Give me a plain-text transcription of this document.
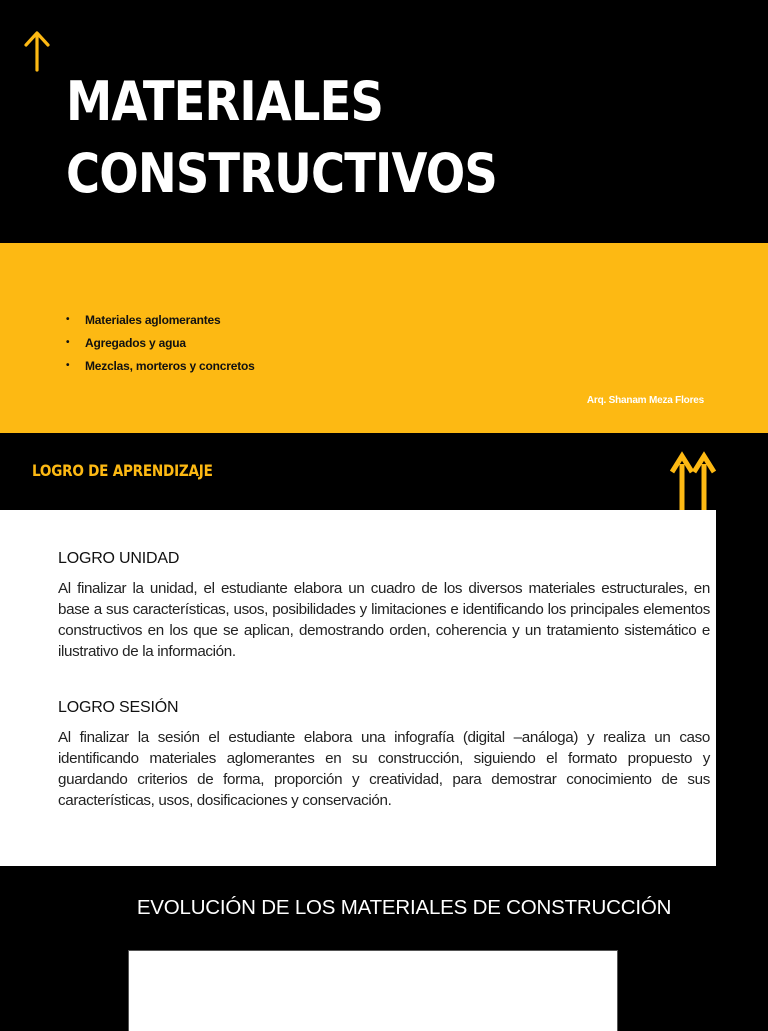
MATERIALES
CONSTRUCTIVOS
• Materiales aglomerantes
• Agregados y agua
• Mezclas, morteros y concretos
Arq. Shanam Meza Flores
LOGRO DE APRENDIZAJE
LOGRO UNIDAD
Al finalizar la unidad, el estudiante elabora un cuadro de los diversos materiales estructurales, en base a sus características, usos, posibilidades y limitaciones e identificando los principales elementos constructivos en los que se aplican, demostrando orden, coherencia y un tratamiento sistemático e ilustrativo de la información.
LOGRO SESIÓN
Al finalizar la sesión el estudiante elabora una infografía (digital –análoga) y realiza un caso identificando materiales aglomerantes en su construcción, siguiendo el formato propuesto y guardando criterios de forma, proporción y creatividad, para demostrar conocimiento de sus características, usos, dosificaciones y conservación.
EVOLUCIÓN DE LOS MATERIALES DE CONSTRUCCIÓN
